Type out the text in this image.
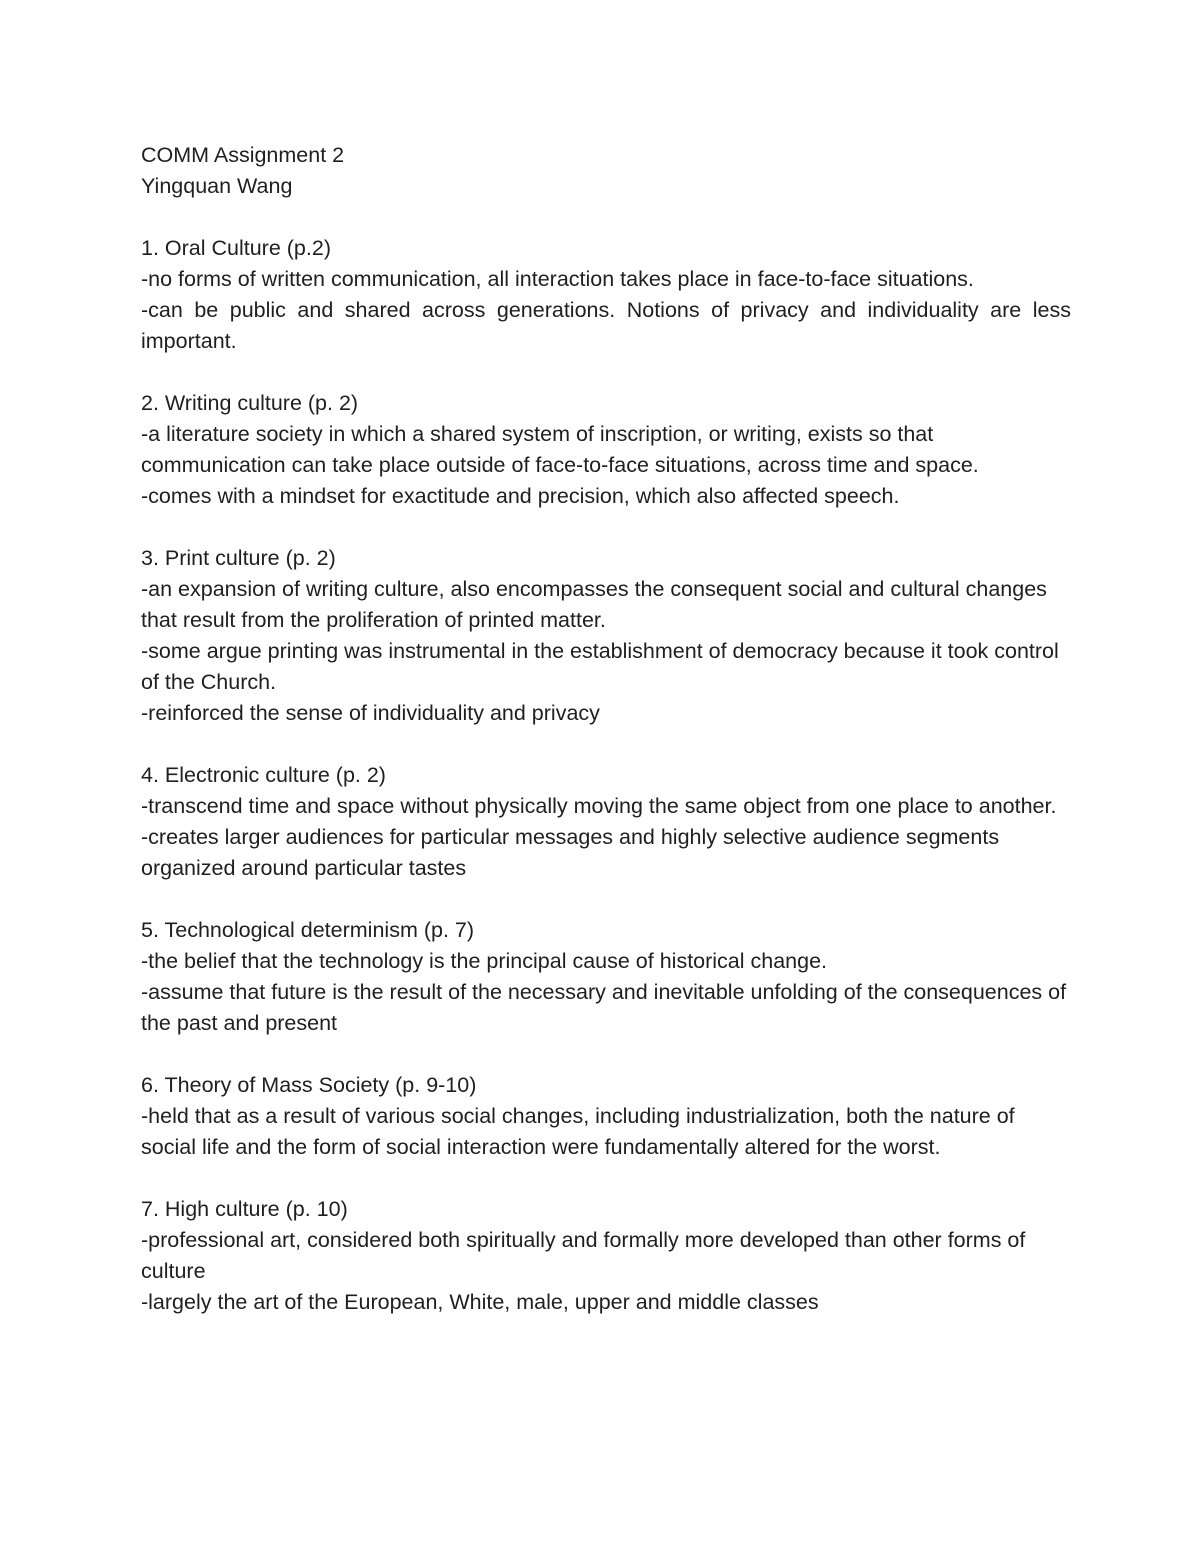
COMM Assignment 2

Yingquan Wang

1. Oral Culture (p.2)

-no forms of written communication, all interaction takes place in face-to-face situations.

-can be public and shared across generations. Notions of privacy and individuality are less important.

2. Writing culture (p. 2)

-a literature society in which a shared system of inscription, or writing, exists so that communication can take place outside of face-to-face situations, across time and space.

-comes with a mindset for exactitude and precision, which also affected speech.

3. Print culture (p. 2)

-an expansion of writing culture, also encompasses the consequent social and cultural changes that result from the proliferation of printed matter.

-some argue printing was instrumental in the establishment of democracy because it took control of the Church.

-reinforced the sense of individuality and privacy

4. Electronic culture (p. 2)

-transcend time and space without physically moving the same object from one place to another.

-creates larger audiences for particular messages and highly selective audience segments organized around particular tastes

5. Technological determinism (p. 7)

-the belief that the technology is the principal cause of historical change.

-assume that future is the result of the necessary and inevitable unfolding of the consequences of the past and present

6. Theory of Mass Society (p. 9-10)

-held that as a result of various social changes, including industrialization, both the nature of social life and the form of social interaction were fundamentally altered for the worst.

7. High culture (p. 10)

-professional art, considered both spiritually and formally more developed than other forms of culture

-largely the art of the European, White, male, upper and middle classes
